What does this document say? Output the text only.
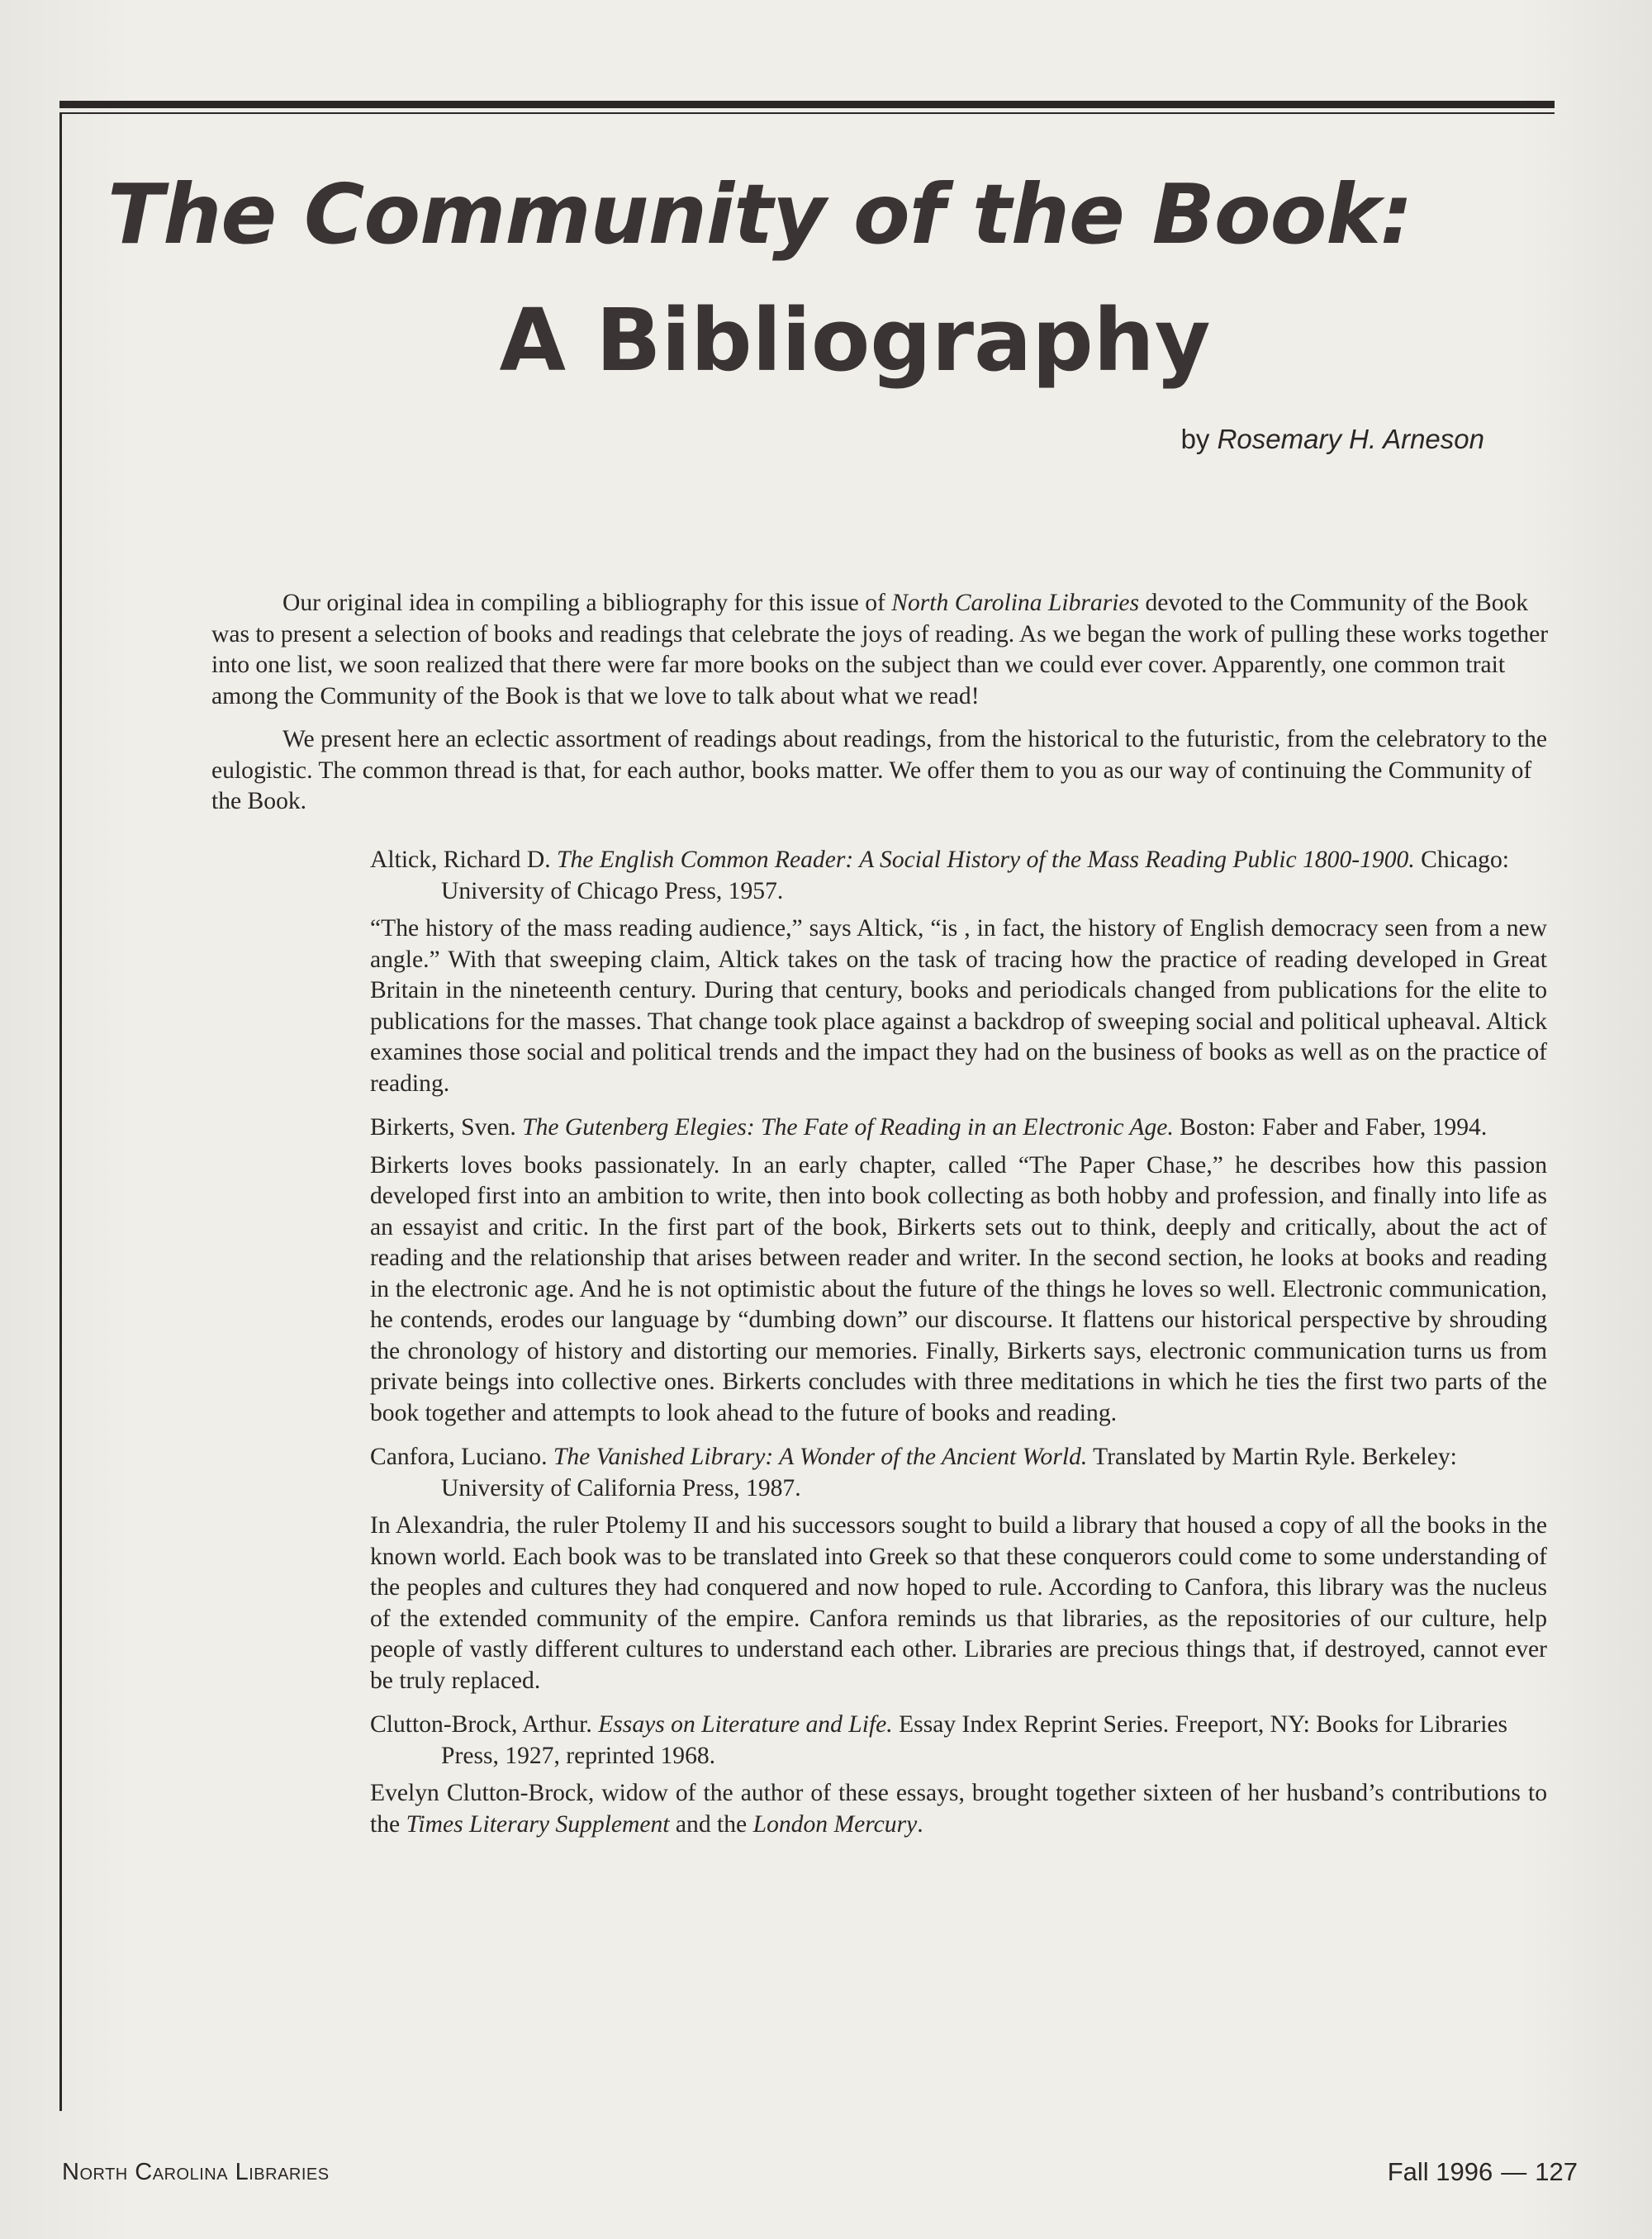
The Community of the Book:
A Bibliography
by Rosemary H. Arneson

Our original idea in compiling a bibliography for this issue of North Carolina Libraries devoted to the Community of the Book was to present a selection of books and readings that celebrate the joys of reading. As we began the work of pulling these works together into one list, we soon realized that there were far more books on the subject than we could ever cover. Apparently, one common trait among the Community of the Book is that we love to talk about what we read!

We present here an eclectic assortment of readings about readings, from the historical to the futuristic, from the celebratory to the eulogistic. The common thread is that, for each author, books matter. We offer them to you as our way of continuing the Community of the Book.

Altick, Richard D. The English Common Reader: A Social History of the Mass Reading Public 1800-1900. Chicago: University of Chicago Press, 1957.

“The history of the mass reading audience,” says Altick, “is , in fact, the history of English democracy seen from a new angle.” With that sweeping claim, Altick takes on the task of tracing how the practice of reading developed in Great Britain in the nineteenth century. During that century, books and periodicals changed from publications for the elite to publications for the masses. That change took place against a backdrop of sweeping social and political upheaval. Altick examines those social and political trends and the impact they had on the business of books as well as on the practice of reading.

Birkerts, Sven. The Gutenberg Elegies: The Fate of Reading in an Electronic Age. Boston: Faber and Faber, 1994.

Birkerts loves books passionately. In an early chapter, called “The Paper Chase,” he describes how this passion developed first into an ambition to write, then into book collecting as both hobby and profession, and finally into life as an essayist and critic. In the first part of the book, Birkerts sets out to think, deeply and critically, about the act of reading and the relationship that arises between reader and writer. In the second section, he looks at books and reading in the electronic age. And he is not optimistic about the future of the things he loves so well. Electronic communication, he contends, erodes our language by “dumbing down” our discourse. It flattens our historical perspective by shrouding the chronology of history and distorting our memories. Finally, Birkerts says, electronic communication turns us from private beings into collective ones. Birkerts concludes with three meditations in which he ties the first two parts of the book together and attempts to look ahead to the future of books and reading.

Canfora, Luciano. The Vanished Library: A Wonder of the Ancient World. Translated by Martin Ryle. Berkeley: University of California Press, 1987.

In Alexandria, the ruler Ptolemy II and his successors sought to build a library that housed a copy of all the books in the known world. Each book was to be translated into Greek so that these conquerors could come to some understanding of the peoples and cultures they had conquered and now hoped to rule. According to Canfora, this library was the nucleus of the extended community of the empire. Canfora reminds us that libraries, as the repositories of our culture, help people of vastly different cultures to understand each other. Libraries are precious things that, if destroyed, cannot ever be truly replaced.

Clutton-Brock, Arthur. Essays on Literature and Life. Essay Index Reprint Series. Freeport, NY: Books for Libraries Press, 1927, reprinted 1968.

Evelyn Clutton-Brock, widow of the author of these essays, brought together sixteen of her husband’s contributions to the Times Literary Supplement and the London Mercury.

North Carolina Libraries	Fall 1996 — 127
